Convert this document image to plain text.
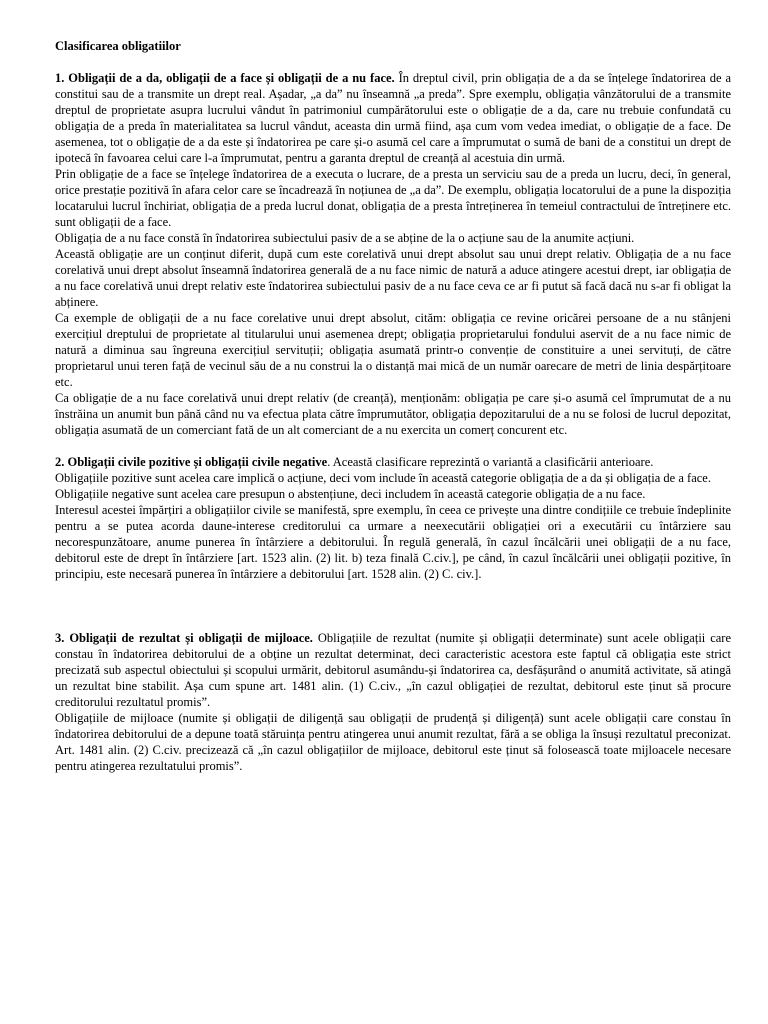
Clasificarea obligatiilor

1. Obligații de a da, obligații de a face și obligații de a nu face. În dreptul civil, prin obligația de a da se înțelege îndatorirea de a constitui sau de a transmite un drept real. Așadar, „a da” nu înseamnă „a preda”. Spre exemplu, obligația vânzătorului de a transmite dreptul de proprietate asupra lucrului vândut în patrimoniul cumpărătorului este o obligație de a da, care nu trebuie confundată cu obligația de a preda în materialitatea sa lucrul vândut, aceasta din urmă fiind, așa cum vom vedea imediat, o obligație de a face. De asemenea, tot o obligație de a da este și îndatorirea pe care și-o asumă cel care a împrumutat o sumă de bani de a constitui un drept de ipotecă în favoarea celui care l-a împrumutat, pentru a garanta dreptul de creanță al acestuia din urmă.

Prin obligație de a face se înțelege îndatorirea de a executa o lucrare, de a presta un serviciu sau de a preda un lucru, deci, în general, orice prestație pozitivă în afara celor care se încadrează în noțiunea de „a da”. De exemplu, obligația locatorului de a pune la dispoziția locatarului lucrul închiriat, obligația de a preda lucrul donat, obligația de a presta întreținerea în temeiul contractului de întreținere etc. sunt obligații de a face.

Obligația de a nu face constă în îndatorirea subiectului pasiv de a se abține de la o acțiune sau de la anumite acțiuni.

Această obligație are un conținut diferit, după cum este corelativă unui drept absolut sau unui drept relativ. Obligația de a nu face corelativă unui drept absolut înseamnă îndatorirea generală de a nu face nimic de natură a aduce atingere acestui drept, iar obligația de a nu face corelativă unui drept relativ este îndatorirea subiectului pasiv de a nu face ceva ce ar fi putut să facă dacă nu s-ar fi obligat la abținere.

Ca exemple de obligații de a nu face corelative unui drept absolut, cităm: obligația ce revine oricărei persoane de a nu stânjeni exercițiul dreptului de proprietate al titularului unui asemenea drept; obligația proprietarului fondului aservit de a nu face nimic de natură a diminua sau îngreuna exercițiul servituții; obligația asumată printr-o convenție de constituire a unei servituți, de către proprietarul unui teren față de vecinul său de a nu construi la o distanță mai mică de un număr oarecare de metri de linia despărțitoare etc.

Ca obligație de a nu face corelativă unui drept relativ (de creanță), menționăm: obligația pe care și-o asumă cel împrumutat de a nu înstrăina un anumit bun până când nu va efectua plata către împrumutător, obligația depozitarului de a nu se folosi de lucrul depozitat, obligația asumată de un comerciant fată de un alt comerciant de a nu exercita un comerț concurent etc.

2. Obligații civile pozitive și obligații civile negative. Această clasificare reprezintă o variantă a clasificării anterioare.

Obligațiile pozitive sunt acelea care implică o acțiune, deci vom include în această categorie obligația de a da și obligația de a face.

Obligațiile negative sunt acelea care presupun o abstențiune, deci includem în această categorie obligația de a nu face.

Interesul acestei împărțiri a obligațiilor civile se manifestă, spre exemplu, în ceea ce privește una dintre condițiile ce trebuie îndeplinite pentru a se putea acorda daune-interese creditorului ca urmare a neexecutării obligației ori a executării cu întârziere sau necorespunzătoare, anume punerea în întârziere a debitorului. În regulă generală, în cazul încălcării unei obligații de a nu face, debitorul este de drept în întârziere [art. 1523 alin. (2) lit. b) teza finală C.civ.], pe când, în cazul încălcării unei obligații pozitive, în principiu, este necesară punerea în întârziere a debitorului [art. 1528 alin. (2) C. civ.].

3. Obligații de rezultat și obligații de mijloace. Obligațiile de rezultat (numite și obligații determinate) sunt acele obligații care constau în îndatorirea debitorului de a obține un rezultat determinat, deci caracteristic acestora este faptul că obligația este strict precizată sub aspectul obiectului și scopului urmărit, debitorul asumându-și îndatorirea ca, desfășurând o anumită activitate, să atingă un rezultat bine stabilit. Așa cum spune art. 1481 alin. (1) C.civ., „în cazul obligației de rezultat, debitorul este ținut să procure creditorului rezultatul promis”.

Obligațiile de mijloace (numite și obligații de diligență sau obligații de prudență și diligență) sunt acele obligații care constau în îndatorirea debitorului de a depune toată stăruința pentru atingerea unui anumit rezultat, fără a se obliga la însuși rezultatul preconizat. Art. 1481 alin. (2) C.civ. precizează că „în cazul obligațiilor de mijloace, debitorul este ținut să folosească toate mijloacele necesare pentru atingerea rezultatului promis”.
